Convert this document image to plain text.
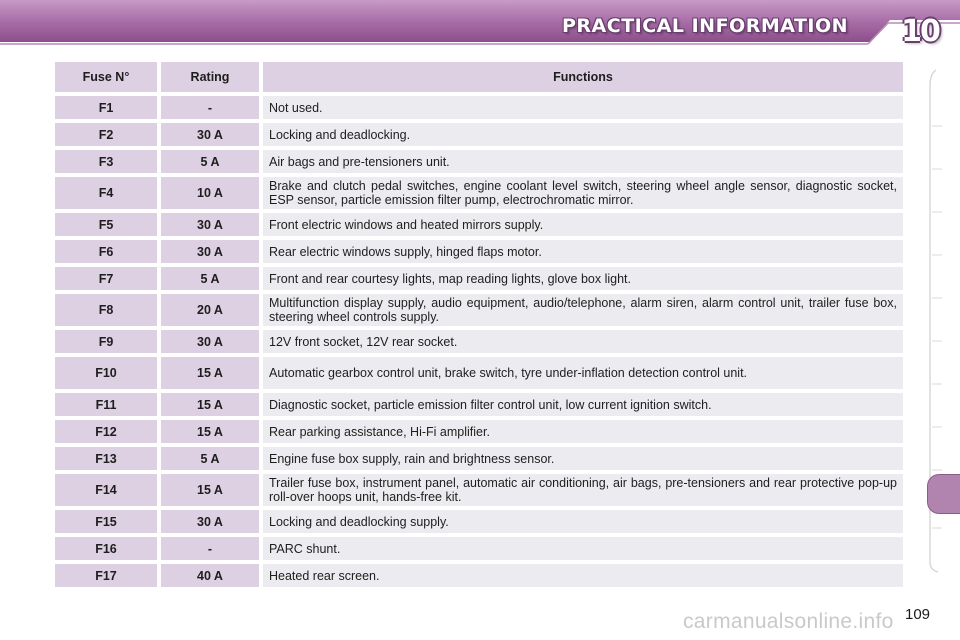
PRACTICAL INFORMATION 10
Fuse N°	Rating	Functions
F1	-	Not used.
F2	30 A	Locking and deadlocking.
F3	5 A	Air bags and pre-tensioners unit.
F4	10 A	Brake and clutch pedal switches, engine coolant level switch, steering wheel angle sensor, diagnostic socket, ESP sensor, particle emission filter pump, electrochromatic mirror.
F5	30 A	Front electric windows and heated mirrors supply.
F6	30 A	Rear electric windows supply, hinged flaps motor.
F7	5 A	Front and rear courtesy lights, map reading lights, glove box light.
F8	20 A	Multifunction display supply, audio equipment, audio/telephone, alarm siren, alarm control unit, trailer fuse box, steering wheel controls supply.
F9	30 A	12V front socket, 12V rear socket.
F10	15 A	Automatic gearbox control unit, brake switch, tyre under-inflation detection control unit.
F11	15 A	Diagnostic socket, particle emission filter control unit, low current ignition switch.
F12	15 A	Rear parking assistance, Hi-Fi amplifier.
F13	5 A	Engine fuse box supply, rain and brightness sensor.
F14	15 A	Trailer fuse box, instrument panel, automatic air conditioning, air bags, pre-tensioners and rear protective pop-up roll-over hoops unit, hands-free kit.
F15	30 A	Locking and deadlocking supply.
F16	-	PARC shunt.
F17	40 A	Heated rear screen.
109
carmanualsonline.info
